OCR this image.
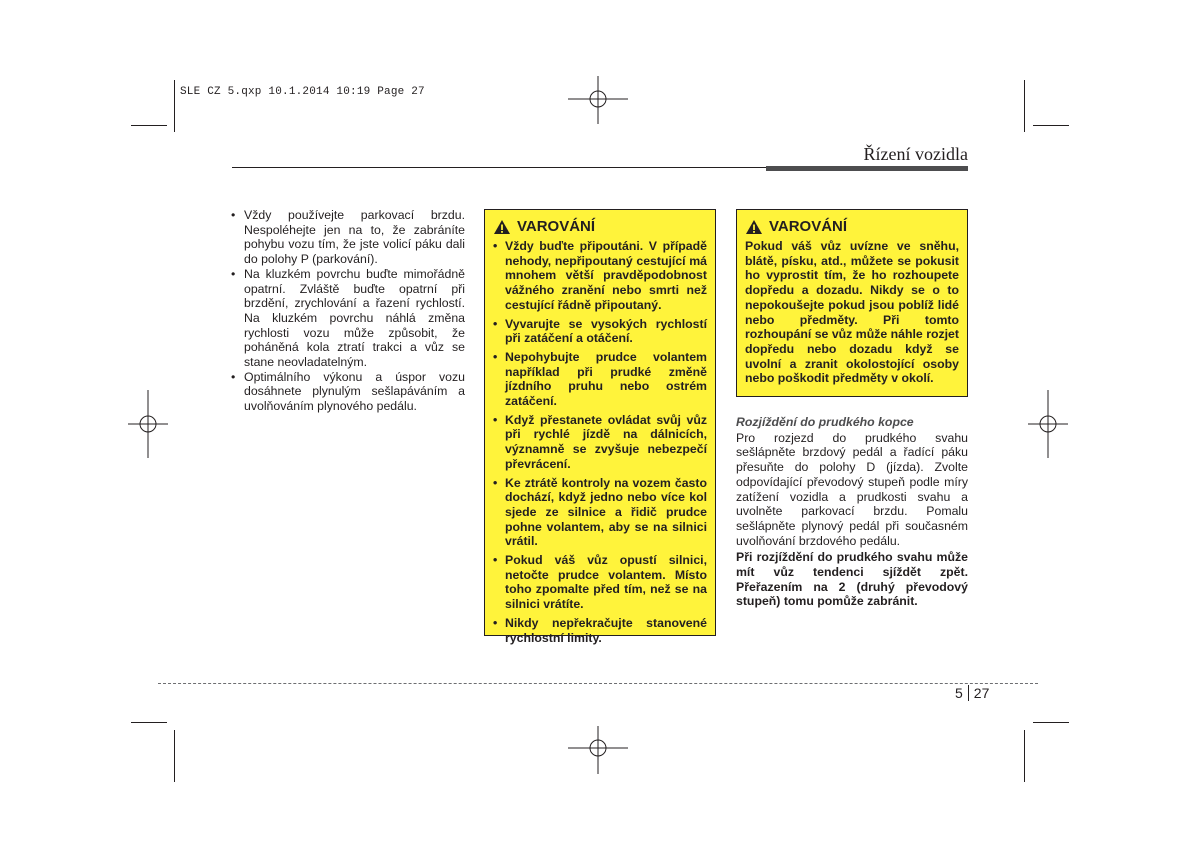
SLE CZ 5.qxp 10.1.2014 10:19 Page 27
Řízení vozidla
• Vždy používejte parkovací brzdu. Nespoléhejte jen na to, že zabráníte pohybu vozu tím, že jste volicí páku dali do polohy P (parkování).
• Na kluzkém povrchu buďte mimořádně opatrní. Zvláště buďte opatrní při brzdění, zrychlování a řazení rychlostí. Na kluzkém povrchu náhlá změna rychlosti vozu může způsobit, že poháněná kola ztratí trakci a vůz se stane neovladatelným.
• Optimálního výkonu a úspor vozu dosáhnete plynulým sešlapáváním a uvolňováním plynového pedálu.
VAROVÁNÍ
• Vždy buďte připoutáni. V případě nehody, nepřipoutaný cestující má mnohem větší pravděpodobnost vážného zranění nebo smrti než cestující řádně připoutaný.
• Vyvarujte se vysokých rychlostí při zatáčení a otáčení.
• Nepohybujte prudce volantem například při prudké změně jízdního pruhu nebo ostrém zatáčení.
• Když přestanete ovládat svůj vůz při rychlé jízdě na dálnicích, významně se zvyšuje nebezpečí převrácení.
• Ke ztrátě kontroly na vozem často dochází, když jedno nebo více kol sjede ze silnice a řidič prudce pohne volantem, aby se na silnici vrátil.
• Pokud váš vůz opustí silnici, netočte prudce volantem. Místo toho zpomalte před tím, než se na silnici vrátíte.
• Nikdy nepřekračujte stanovené rychlostní limity.
VAROVÁNÍ

Pokud váš vůz uvízne ve sněhu, blátě, písku, atd., můžete se pokusit ho vyprostit tím, že ho rozhoupete dopředu a dozadu. Nikdy se o to nepokoušejte pokud jsou poblíž lidé nebo předměty. Při tomto rozhoupání se vůz může náhle rozjet dopředu nebo dozadu když se uvolní a zranit okolostojící osoby nebo poškodit předměty v okolí.

Rozjíždění do prudkého kopce

Pro rozjezd do prudkého svahu sešlápněte brzdový pedál a řadící páku přesuňte do polohy D (jízda). Zvolte odpovídající převodový stupeň podle míry zatížení vozidla a prudkosti svahu a uvolněte parkovací brzdu. Pomalu sešlápněte plynový pedál při současném uvolňování brzdového pedálu.

Při rozjíždění do prudkého svahu může mít vůz tendenci sjíždět zpět. Přeřazením na 2 (druhý převodový stupeň) tomu pomůže zabránit.

5 27
